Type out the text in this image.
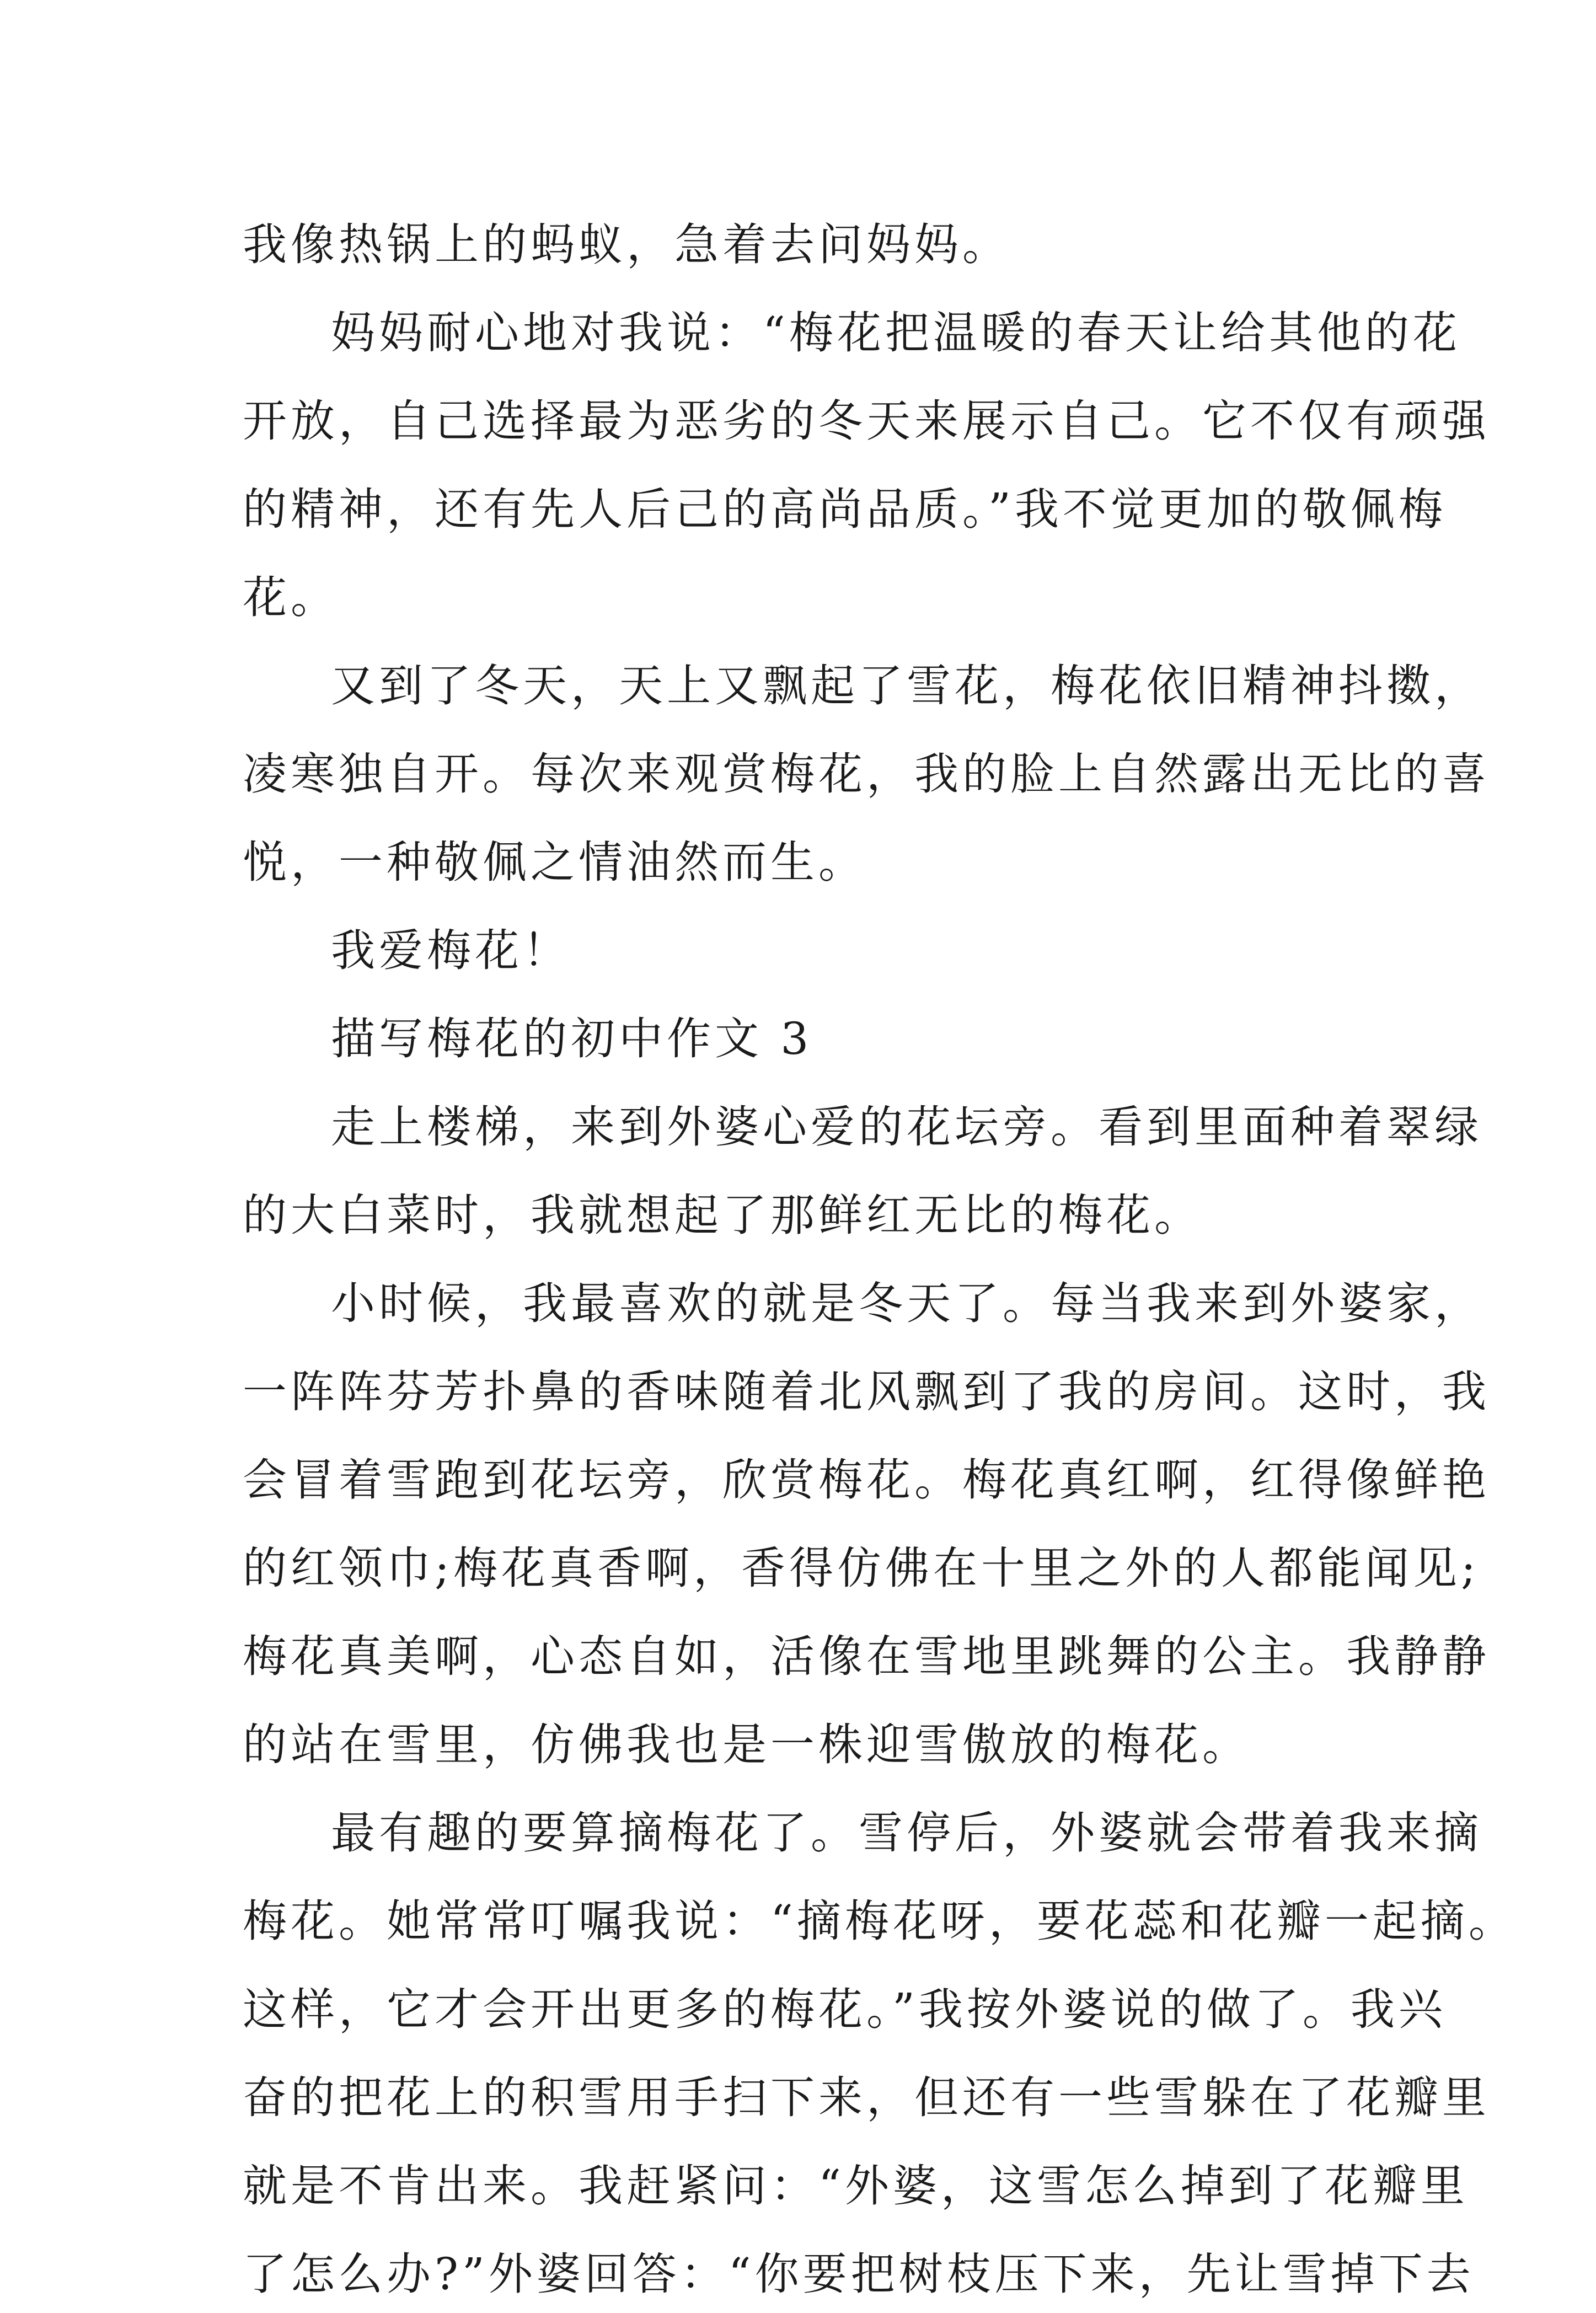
我像热锅上的蚂蚁，急着去问妈妈。
妈妈耐心地对我说：“梅花把温暖的春天让给其他的花
开放，自己选择最为恶劣的冬天来展示自己。它不仅有顽强
的精神，还有先人后己的高尚品质。”我不觉更加的敬佩梅
花。
又到了冬天，天上又飘起了雪花，梅花依旧精神抖擞，
凌寒独自开。每次来观赏梅花，我的脸上自然露出无比的喜
悦，一种敬佩之情油然而生。
我爱梅花！
描写梅花的初中作文 3
走上楼梯，来到外婆心爱的花坛旁。看到里面种着翠绿
的大白菜时，我就想起了那鲜红无比的梅花。
小时候，我最喜欢的就是冬天了。每当我来到外婆家，
一阵阵芬芳扑鼻的香味随着北风飘到了我的房间。这时，我
会冒着雪跑到花坛旁，欣赏梅花。梅花真红啊，红得像鲜艳
的红领巾;梅花真香啊，香得仿佛在十里之外的人都能闻见;
梅花真美啊，心态自如，活像在雪地里跳舞的公主。我静静
的站在雪里，仿佛我也是一株迎雪傲放的梅花。
最有趣的要算摘梅花了。雪停后，外婆就会带着我来摘
梅花。她常常叮嘱我说：“摘梅花呀，要花蕊和花瓣一起摘。
这样，它才会开出更多的梅花。”我按外婆说的做了。我兴
奋的把花上的积雪用手扫下来，但还有一些雪躲在了花瓣里
就是不肯出来。我赶紧问：“外婆，这雪怎么掉到了花瓣里
了怎么办?”外婆回答：“你要把树枝压下来，先让雪掉下去
